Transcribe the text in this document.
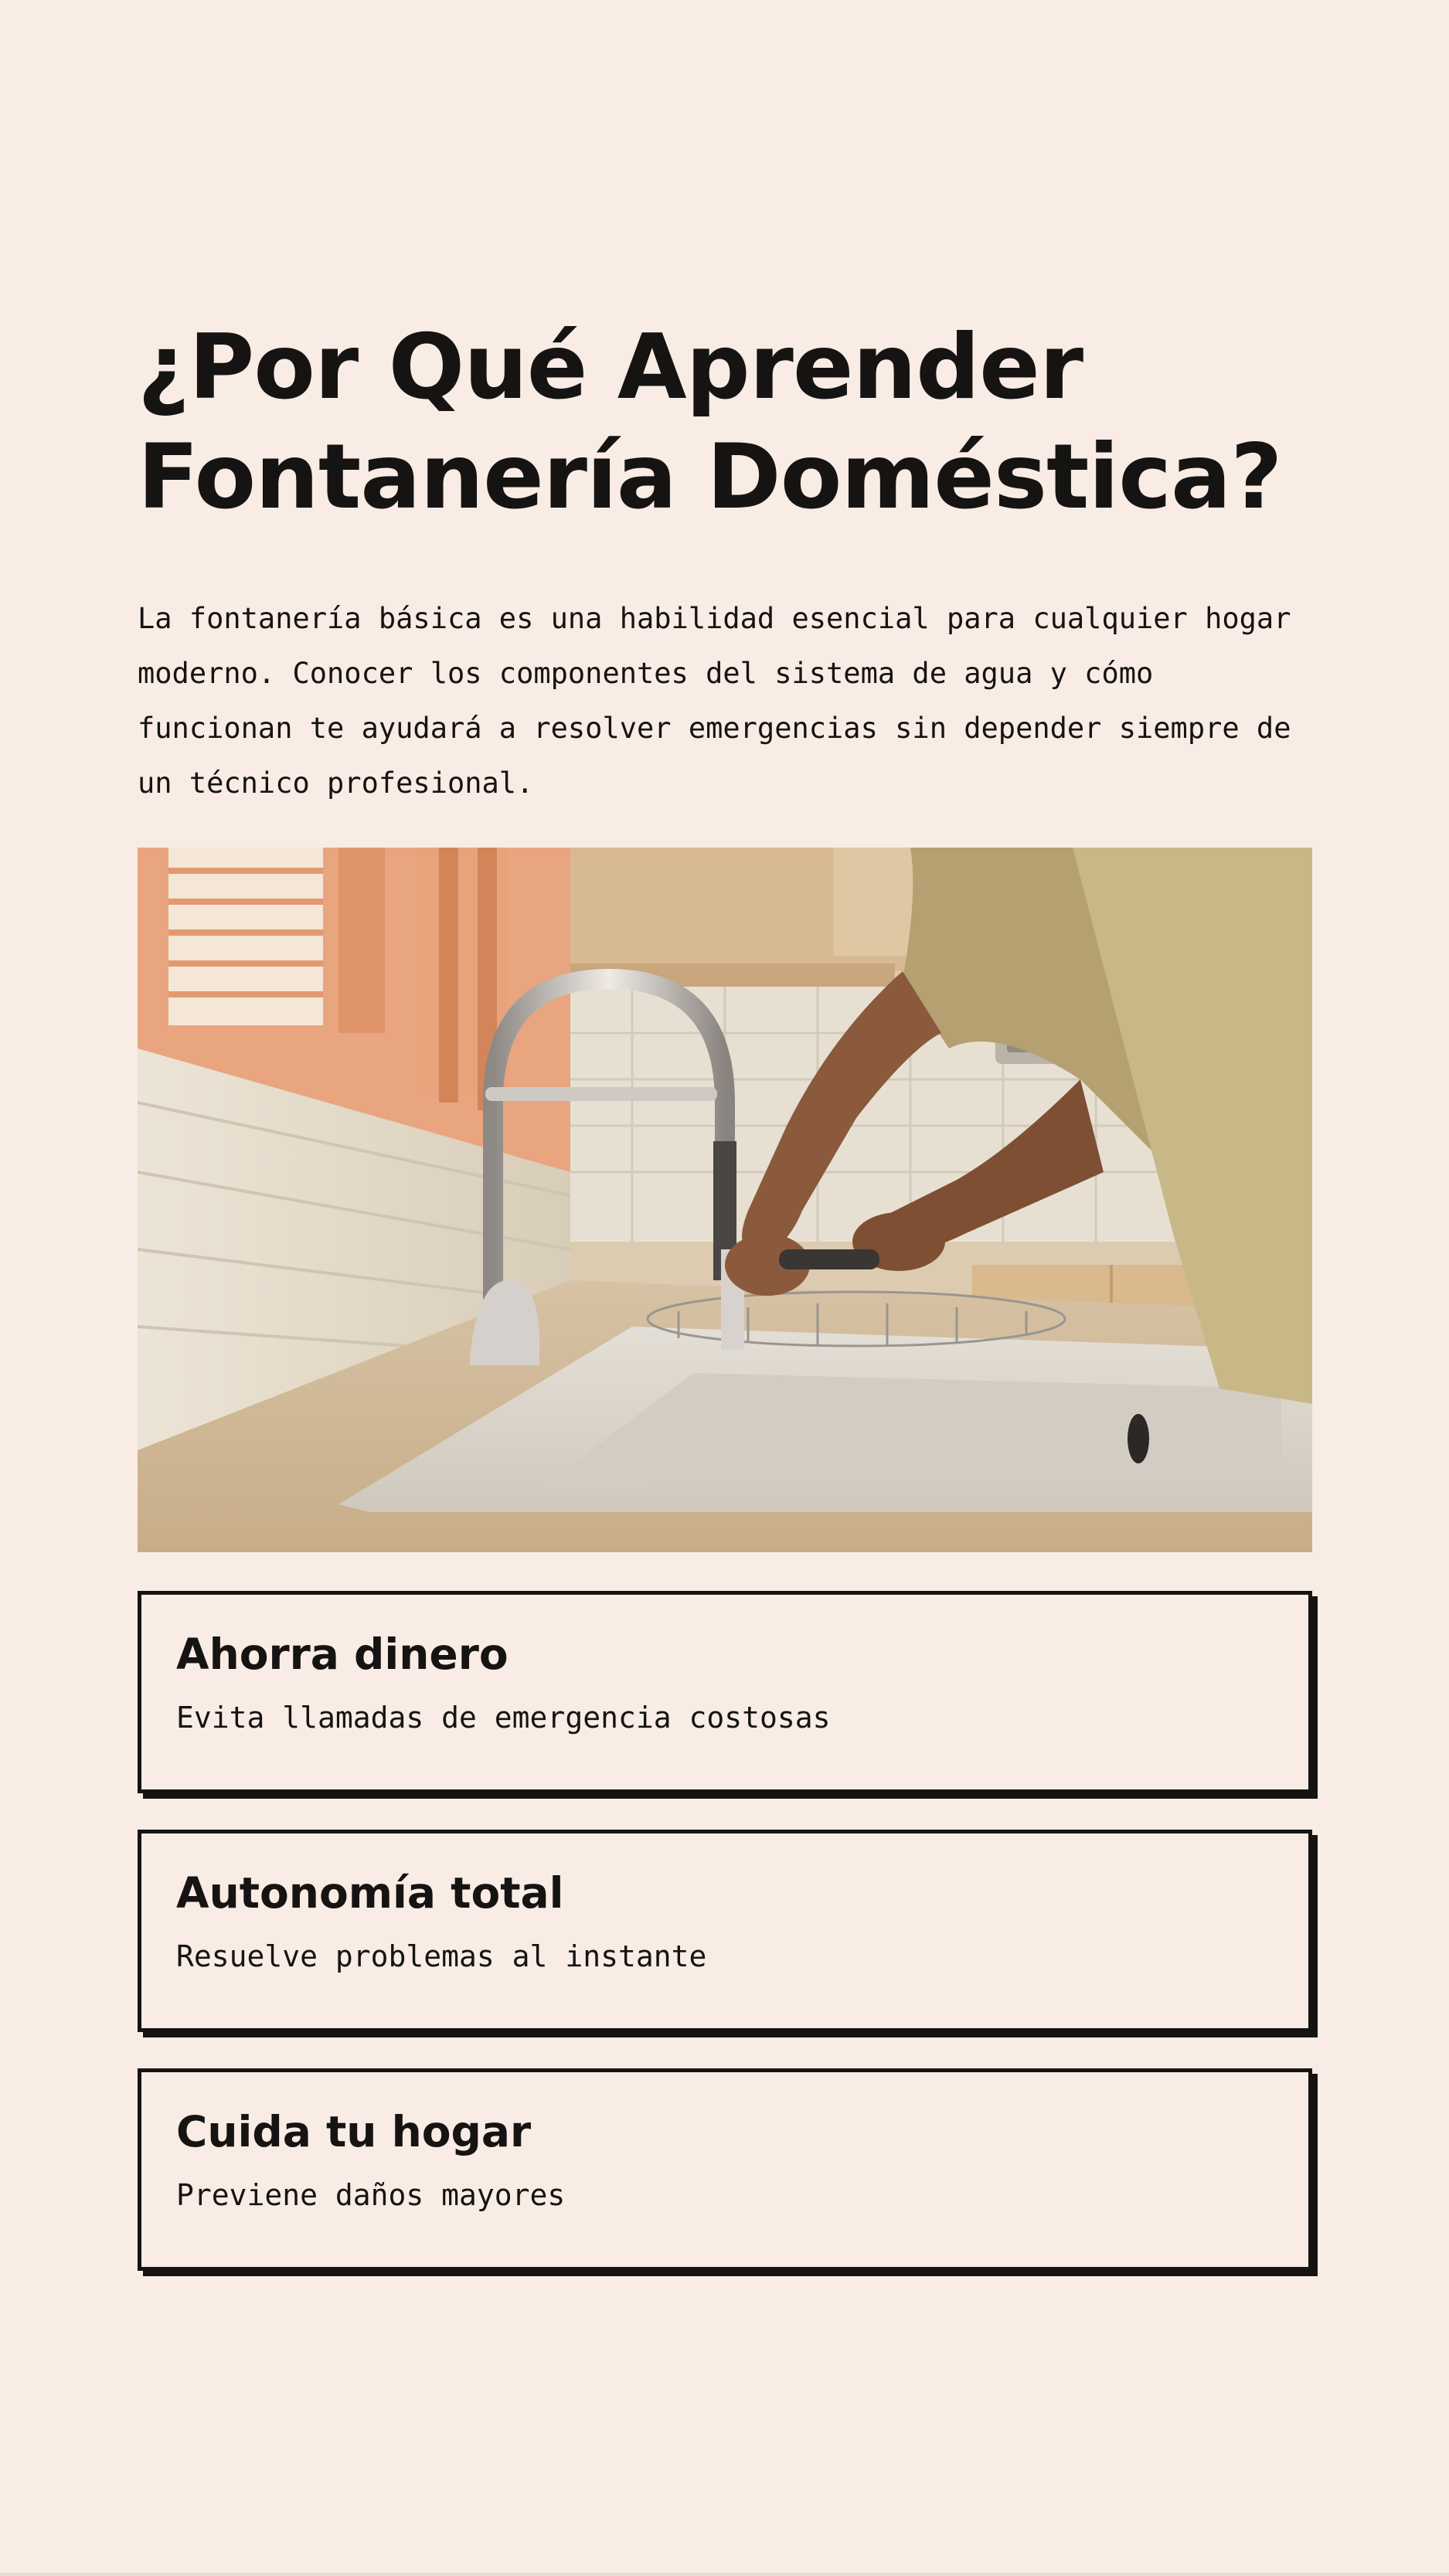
¿Por Qué Aprender
Fontanería Doméstica?

La fontanería básica es una habilidad esencial para cualquier hogar moderno. Conocer los componentes del sistema de agua y cómo funcionan te ayudará a resolver emergencias sin depender siempre de un técnico profesional.

Ahorra dinero

Evita llamadas de emergencia costosas

Autonomía total

Resuelve problemas al instante

Cuida tu hogar

Previene daños mayores
